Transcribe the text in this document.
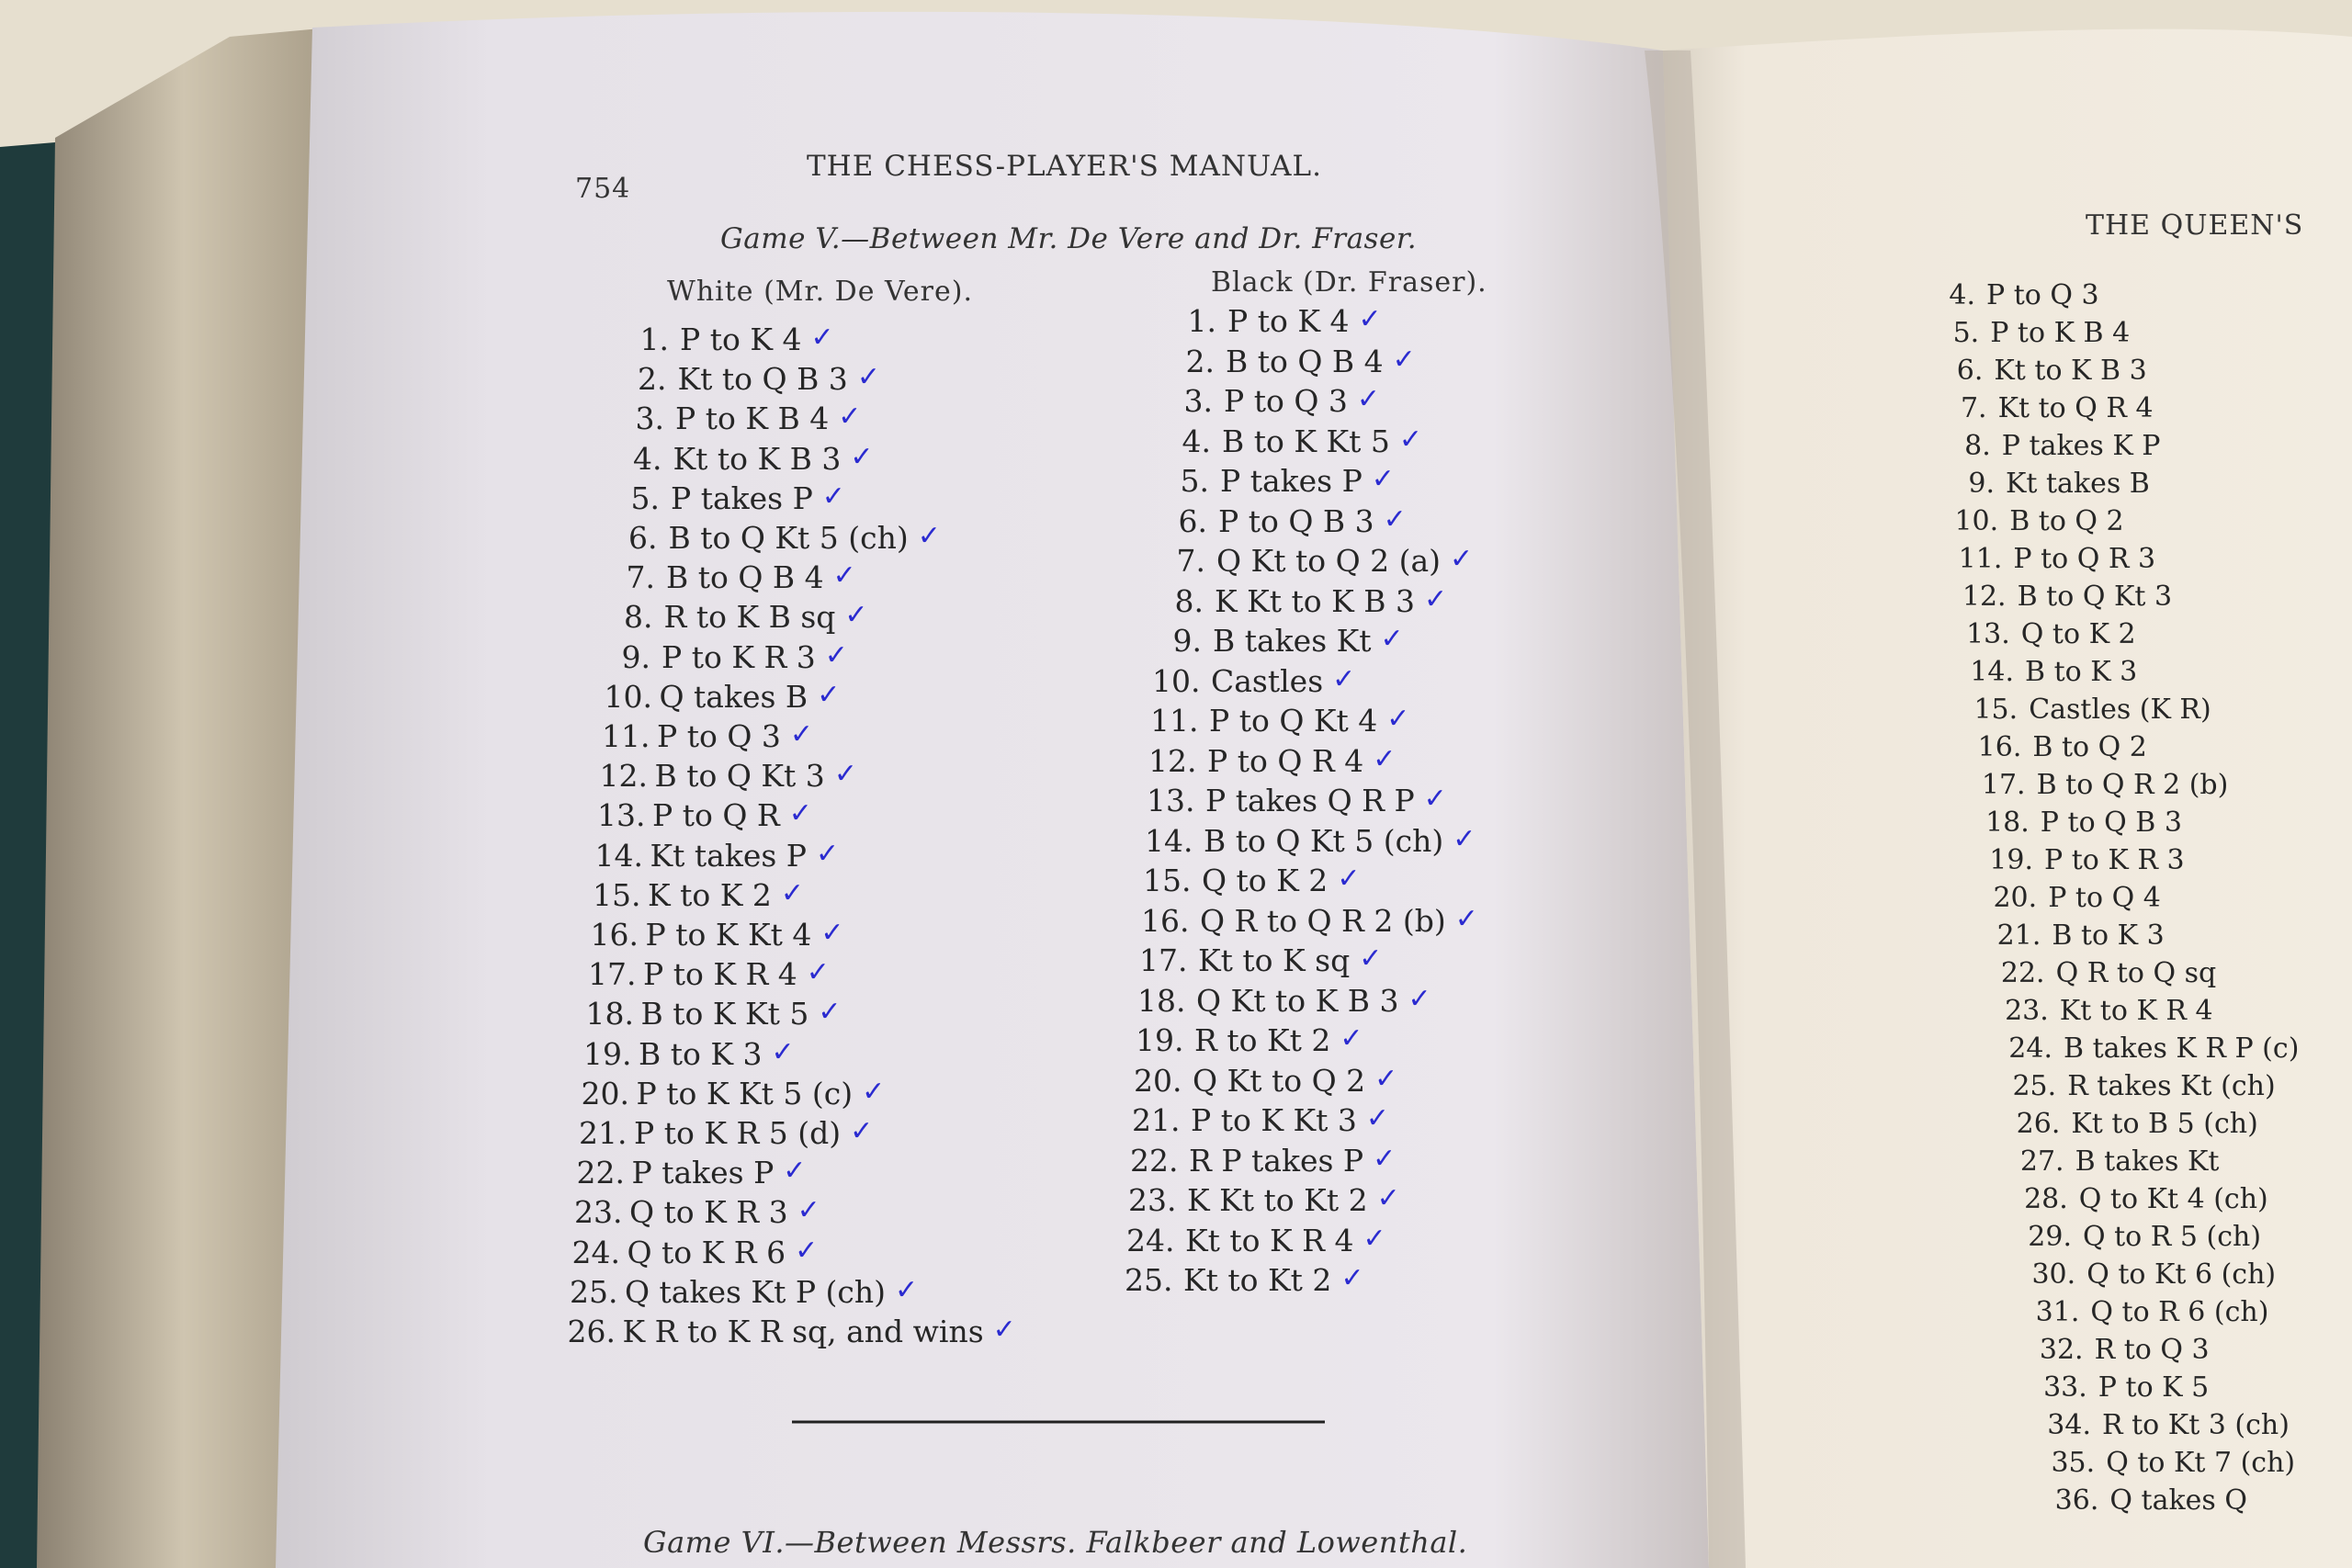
754
THE CHESS-PLAYER'S MANUAL.
Game V.—Between Mr. De Vere and Dr. Fraser.
White (Mr. De Vere).	Black (Dr. Fraser).
1. P to K 4 ✓
2. Kt to Q B 3 ✓
3. P to K B 4 ✓
4. Kt to K B 3 ✓
5. P takes P ✓
6. B to Q Kt 5 (ch) ✓
7. B to Q B 4 ✓
8. R to K B sq ✓
9. P to K R 3 ✓
10. Q takes B ✓
11. P to Q 3 ✓
12. B to Q Kt 3 ✓
13. P to Q R ✓
14. Kt takes P ✓
15. K to K 2 ✓
16. P to K Kt 4 ✓
17. P to K R 4 ✓
18. B to K Kt 5 ✓
19. B to K 3 ✓
20. P to K Kt 5 (c) ✓
21. P to K R 5 (d) ✓
22. P takes P ✓
23. Q to K R 3 ✓
24. Q to K R 6 ✓
25. Q takes Kt P (ch) ✓
26. K R to K R sq, and wins ✓
1. P to K 4 ✓
2. B to Q B 4 ✓
3. P to Q 3 ✓
4. B to K Kt 5 ✓
5. P takes P ✓
6. P to Q B 3 ✓
7. Q Kt to Q 2 (a) ✓
8. K Kt to K B 3 ✓
9. B takes Kt ✓
10. Castles ✓
11. P to Q Kt 4 ✓
12. P to Q R 4 ✓
13. P takes Q R P ✓
14. B to Q Kt 5 (ch) ✓
15. Q to K 2 ✓
16. Q R to Q R 2 (b) ✓
17. Kt to K sq ✓
18. Q Kt to K B 3 ✓
19. R to Kt 2 ✓
20. Q Kt to Q 2 ✓
21. P to K Kt 3 ✓
22. R P takes P ✓
23. K Kt to Kt 2 ✓
24. Kt to K R 4 ✓
25. Kt to Kt 2 ✓
Game VI.—Between Messrs. Falkbeer and Lowenthal.
THE QUEEN'S
4. P to Q 3
5. P to K B 4
6. Kt to K B 3
7. Kt to Q R 4
8. P takes K P
9. Kt takes B
10. B to Q 2
11. P to Q R 3
12. B to Q Kt 3
13. Q to K 2
14. B to K 3
15. Castles (K R)
16. B to Q 2
17. B to Q R 2 (b)
18. P to Q B 3
19. P to K R 3
20. P to Q 4
21. B to K 3
22. Q R to Q sq
23. Kt to K R 4
24. B takes K R P (c)
25. R takes Kt (ch)
26. Kt to B 5 (ch)
27. B takes Kt
28. Q to Kt 4 (ch)
29. Q to R 5 (ch)
30. Q to Kt 6 (ch)
31. Q to R 6 (ch)
32. R to Q 3
33. P to K 5
34. R to Kt 3 (ch)
35. Q to Kt 7 (ch)
36. Q takes Q
